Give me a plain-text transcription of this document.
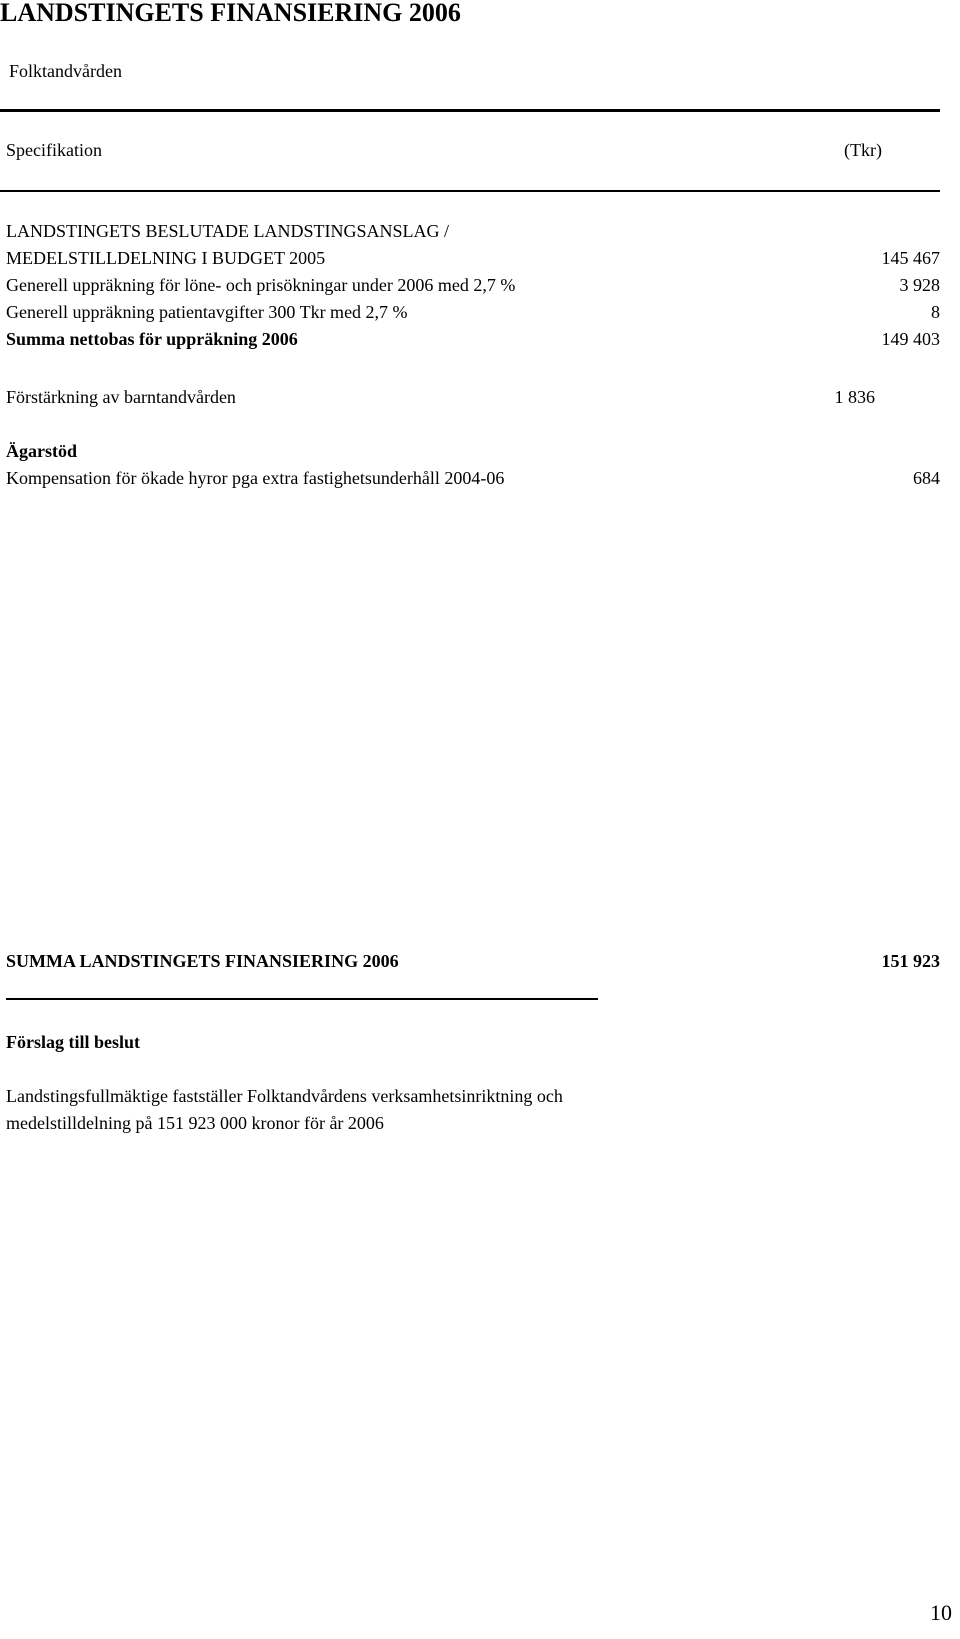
LANDSTINGETS FINANSIERING 2006
Folktandvården
Specifikation	(Tkr)
LANDSTINGETS BESLUTADE LANDSTINGSANSLAG /
MEDELSTILLDELNING I BUDGET 2005	145 467
Generell uppräkning för löne- och prisökningar under 2006 med 2,7 %	3 928
Generell uppräkning patientavgifter 300 Tkr med 2,7 %	8
Summa nettobas för uppräkning 2006	149 403
Förstärkning av barntandvården	1 836
Ägarstöd
Kompensation för ökade hyror pga extra fastighetsunderhåll 2004-06	684
SUMMA LANDSTINGETS FINANSIERING 2006	151 923
Förslag till beslut
Landstingsfullmäktige fastställer Folktandvårdens verksamhetsinriktning och
medelstilldelning på 151 923 000 kronor för år 2006
10
